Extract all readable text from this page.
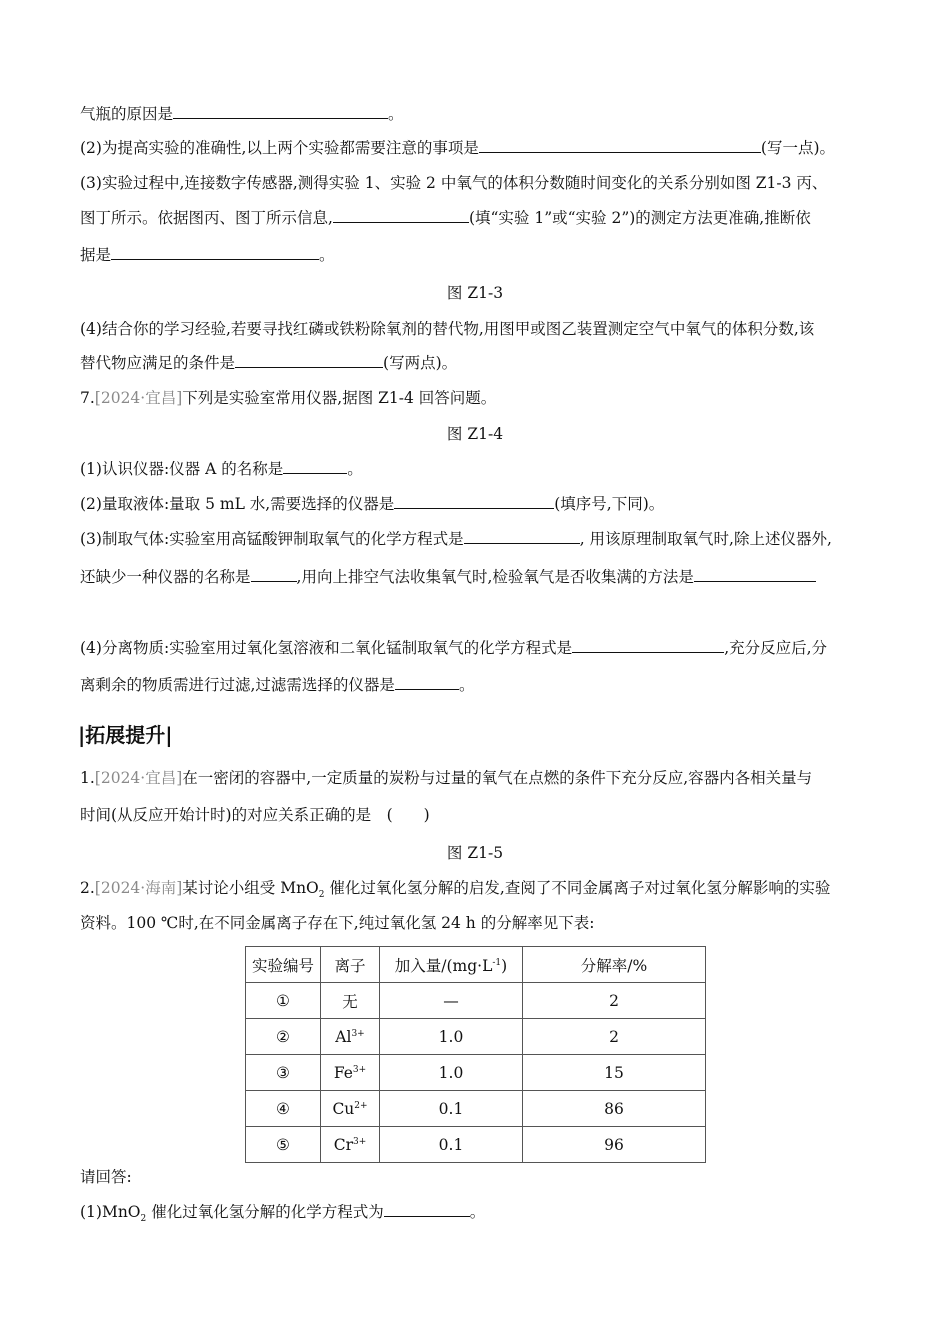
气瓶的原因是	。
(2)为提高实验的准确性,以上两个实验都需要注意的事项是	(写一点)。
(3)实验过程中,连接数字传感器,测得实验 1、实验 2 中氧气的体积分数随时间变化的关系分别如图 Z1-3 丙、
图丁所示。依据图丙、图丁所示信息,	(填“实验 1”或“实验 2”)的测定方法更准确,推断依
据是	。
图 Z1-3
(4)结合你的学习经验,若要寻找红磷或铁粉除氧剂的替代物,用图甲或图乙装置测定空气中氧气的体积分数,该
替代物应满足的条件是	(写两点)。
7.[2024·宜昌]下列是实验室常用仪器,据图 Z1-4 回答问题。
图 Z1-4
(1)认识仪器:仪器 A 的名称是	。
(2)量取液体:量取 5 mL 水,需要选择的仪器是	(填序号,下同)。
(3)制取气体:实验室用高锰酸钾制取氧气的化学方程式是	, 用该原理制取氧气时,除上述仪器外,
还缺少一种仪器的名称是	,用向上排空气法收集氧气时,检验氧气是否收集满的方法是
(4)分离物质:实验室用过氧化氢溶液和二氧化锰制取氧气的化学方程式是	,充分反应后,分
离剩余的物质需进行过滤,过滤需选择的仪器是	。
|拓展提升|
1.[2024·宜昌]在一密闭的容器中,一定质量的炭粉与过量的氧气在点燃的条件下充分反应,容器内各相关量与
时间(从反应开始计时)的对应关系正确的是　(　　)
图 Z1-5
2.[2024·海南]某讨论小组受 MnO$_2$ 催化过氧化氢分解的启发,查阅了不同金属离子对过氧化氢分解影响的实验
资料。100 ℃时,在不同金属离子存在下,纯过氧化氢 24 h 的分解率见下表:
实验编号	离子	加入量$/(mg\cdot L^{-1})$	分解率/%
①	无	—	2
②	$Al^{3+}$	1.0	2
③	$Fe^{3+}$	1.0	15
④	$Cu^{2+}$	0.1	86
⑤	$Cr^{3+}$	0.1	96
请回答:
(1)MnO$_2$ 催化过氧化氢分解的化学方程式为	。
